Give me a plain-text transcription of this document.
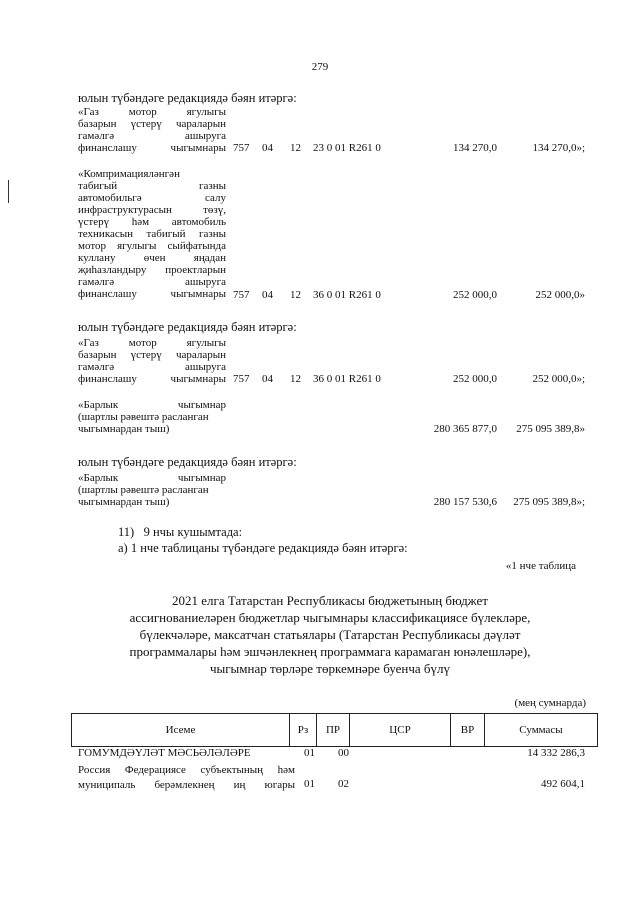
279
юлын түбәндәге редакциядә бәян итәргә:
«Газ мотор ягулыгы
базарын үстерү чараларын
гамәлгә ашыруга
финанслашу чыгымнары 757 04 12 23 0 01 R261 0	134 270,0	134 270,0»;
«Компримацияләнгән
табигый газны
автомобильгә салу
инфраструктурасын төзү,
үстерү һәм автомобиль
техникасын табигый газны
мотор ягулыгы сыйфатында
куллану өчен яңадан
җиһазландыру проектларын
гамәлгә ашыруга
финанслашу чыгымнары 757 04 12 36 0 01 R261 0	252 000,0	252 000,0»
юлын түбәндәге редакциядә бәян итәргә:
«Газ мотор ягулыгы
базарын үстерү чараларын
гамәлгә ашыруга
финанслашу чыгымнары 757 04 12 36 0 01 R261 0	252 000,0	252 000,0»;
«Барлык чыгымнар
(шартлы рәвештә расланган
чыгымнардан тыш)	280 365 877,0 275 095 389,8»
юлын түбәндәге редакциядә бәян итәргә:
«Барлык чыгымнар
(шартлы рәвештә расланган
чыгымнардан тыш)	280 157 530,6 275 095 389,8»;
11)   9 нчы кушымтада:
а) 1 нче таблицаны түбәндәге редакциядә бәян итәргә:
«1 нче таблица
2021 елга Татарстан Республикасы бюджетының бюджет
ассигнованиеләрен бюджетлар чыгымнары классификациясе бүлекләре,
бүлекчәләре, максатчан статьялары (Татарстан Республикасы дәүләт
программалары һәм эшчәнлекнең программага карамаган юнәлешләре),
чыгымнар төрләре төркемнәре буенча бүлү
(мең сумнарда)
Исеме	Рз	ПР	ЦСР	ВР	Суммасы
ГОМУМДӘҮЛӘТ МӘСЬӘЛӘЛӘРЕ	01 00	14 332 286,3
Россия Федерациясе субъектының һәм
муниципаль берәмлекнең иң югары 01 02	492 604,1
